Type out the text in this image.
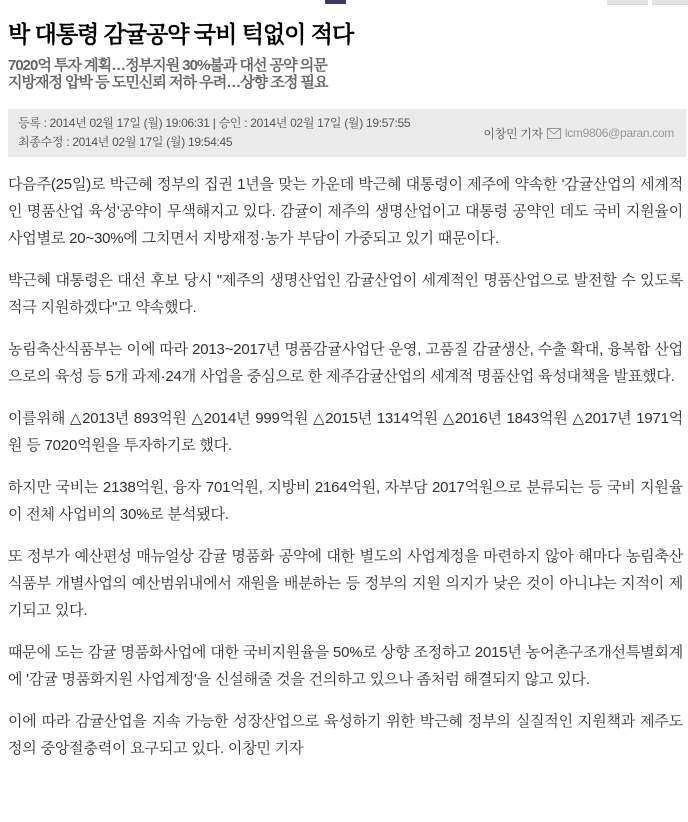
박 대통령 감귤공약 국비 턱없이 적다
7020억 투자 계획…정부지원 30%불과 대선 공약 의문
지방재정 압박 등 도민신뢰 저하 우려…상향 조정 필요
등록 : 2014년 02월 17일 (월) 19:06:31 | 승인 : 2014년 02월 17일 (월) 19:57:55
최종수정 : 2014년 02월 17일 (월) 19:54:45
이창민 기자 lcm9806@paran.com

다음주(25일)로 박근혜 정부의 집권 1년을 맞는 가운데 박근혜 대통령이 제주에 약속한 '감귤산업의 세계적인 명품산업 육성'공약이 무색해지고 있다. 감귤이 제주의 생명산업이고 대통령 공약인 데도 국비 지원율이 사업별로 20~30%에 그치면서 지방재정·농가 부담이 가중되고 있기 때문이다.

박근혜 대통령은 대선 후보 당시 "제주의 생명산업인 감귤산업이 세계적인 명품산업으로 발전할 수 있도록 적극 지원하겠다"고 약속했다.

농림축산식품부는 이에 따라 2013~2017년 명품감귤사업단 운영, 고품질 감귤생산, 수출 확대, 융복합 산업으로의 육성 등 5개 과제·24개 사업을 중심으로 한 제주감귤산업의 세계적 명품산업 육성대책을 발표했다.

이를위해 △2013년 893억원 △2014년 999억원 △2015년 1314억원 △2016년 1843억원 △2017년 1971억원 등 7020억원을 투자하기로 했다.

하지만 국비는 2138억원, 융자 701억원, 지방비 2164억원, 자부담 2017억원으로 분류되는 등 국비 지원율이 전체 사업비의 30%로 분석됐다.

또 정부가 예산편성 매뉴얼상 감귤 명품화 공약에 대한 별도의 사업계정을 마련하지 않아 해마다 농림축산식품부 개별사업의 예산범위내에서 재원을 배분하는 등 정부의 지원 의지가 낮은 것이 아니냐는 지적이 제기되고 있다.

때문에 도는 감귤 명품화사업에 대한 국비지원율을 50%로 상향 조정하고 2015년 농어촌구조개선특별회계에 '감귤 명품화지원 사업계정'을 신설해줄 것을 건의하고 있으나 좀처럼 해결되지 않고 있다.

이에 따라 감귤산업을 지속 가능한 성장산업으로 육성하기 위한 박근혜 정부의 실질적인 지원책과 제주도정의 중앙절충력이 요구되고 있다. 이창민 기자
